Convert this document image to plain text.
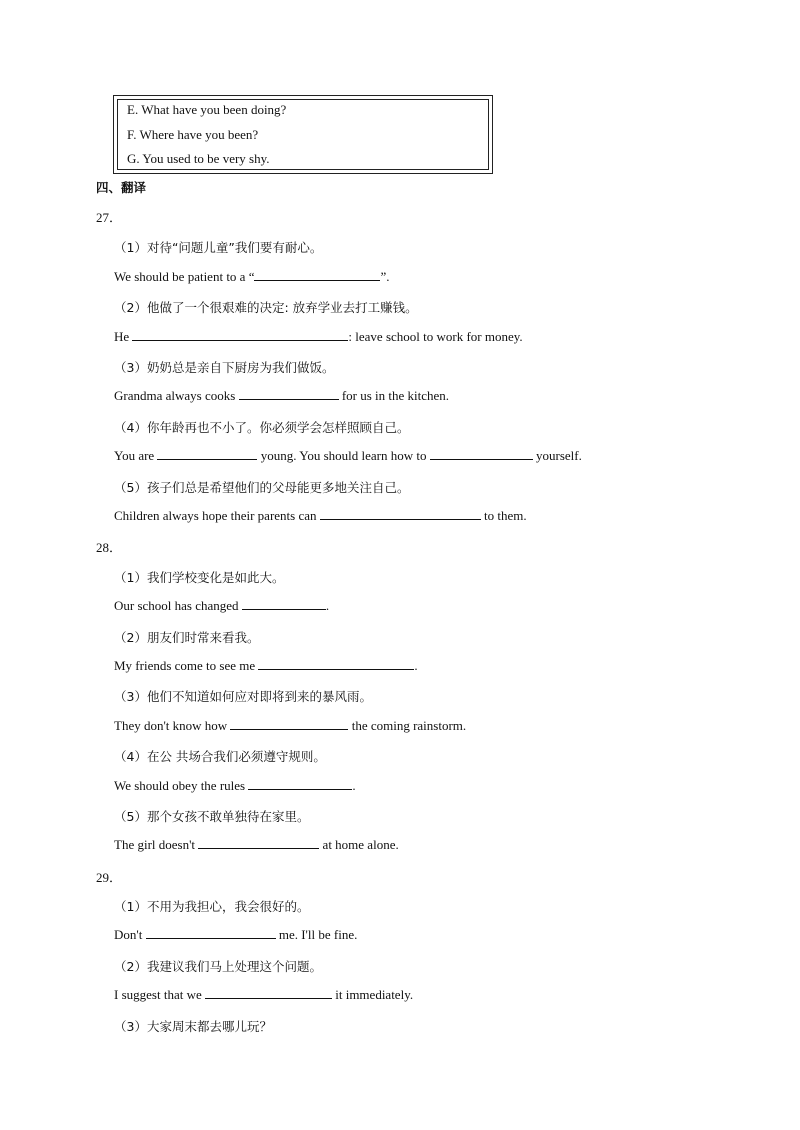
E. What have you been doing?
F. Where have you been?
G. You used to be very shy.
四、翻译
27．
（1）对待“问题儿童”我们要有耐心。
We should be patient to a “	”.
（2）他做了一个很艰难的决定: 放弃学业去打工赚钱。
He	: leave school to work for money.
（3）奶奶总是亲自下厨房为我们做饭。
Grandma always cooks	for us in the kitchen.
（4）你年龄再也不小了。你必须学会怎样照顾自己。
You are	young. You should learn how to	yourself.
（5）孩子们总是希望他们的父母能更多地关注自己。
Children always hope their parents can	to them.
28．
（1）我们学校变化是如此大。
Our school has changed	.
（2）朋友们时常来看我。
My friends come to see me	.
（3）他们不知道如何应对即将到来的暴风雨。
They don't know how	the coming rainstorm.
（4）在公 共场合我们必须遵守规则。
We should obey the rules	.
（5）那个女孩不敢单独待在家里。
The girl doesn't	at home alone.
29．
（1）不用为我担心，我会很好的。
Don't	me. I'll be fine.
（2）我建议我们马上处理这个问题。
I suggest that we	it immediately.
（3）大家周末都去哪儿玩？
